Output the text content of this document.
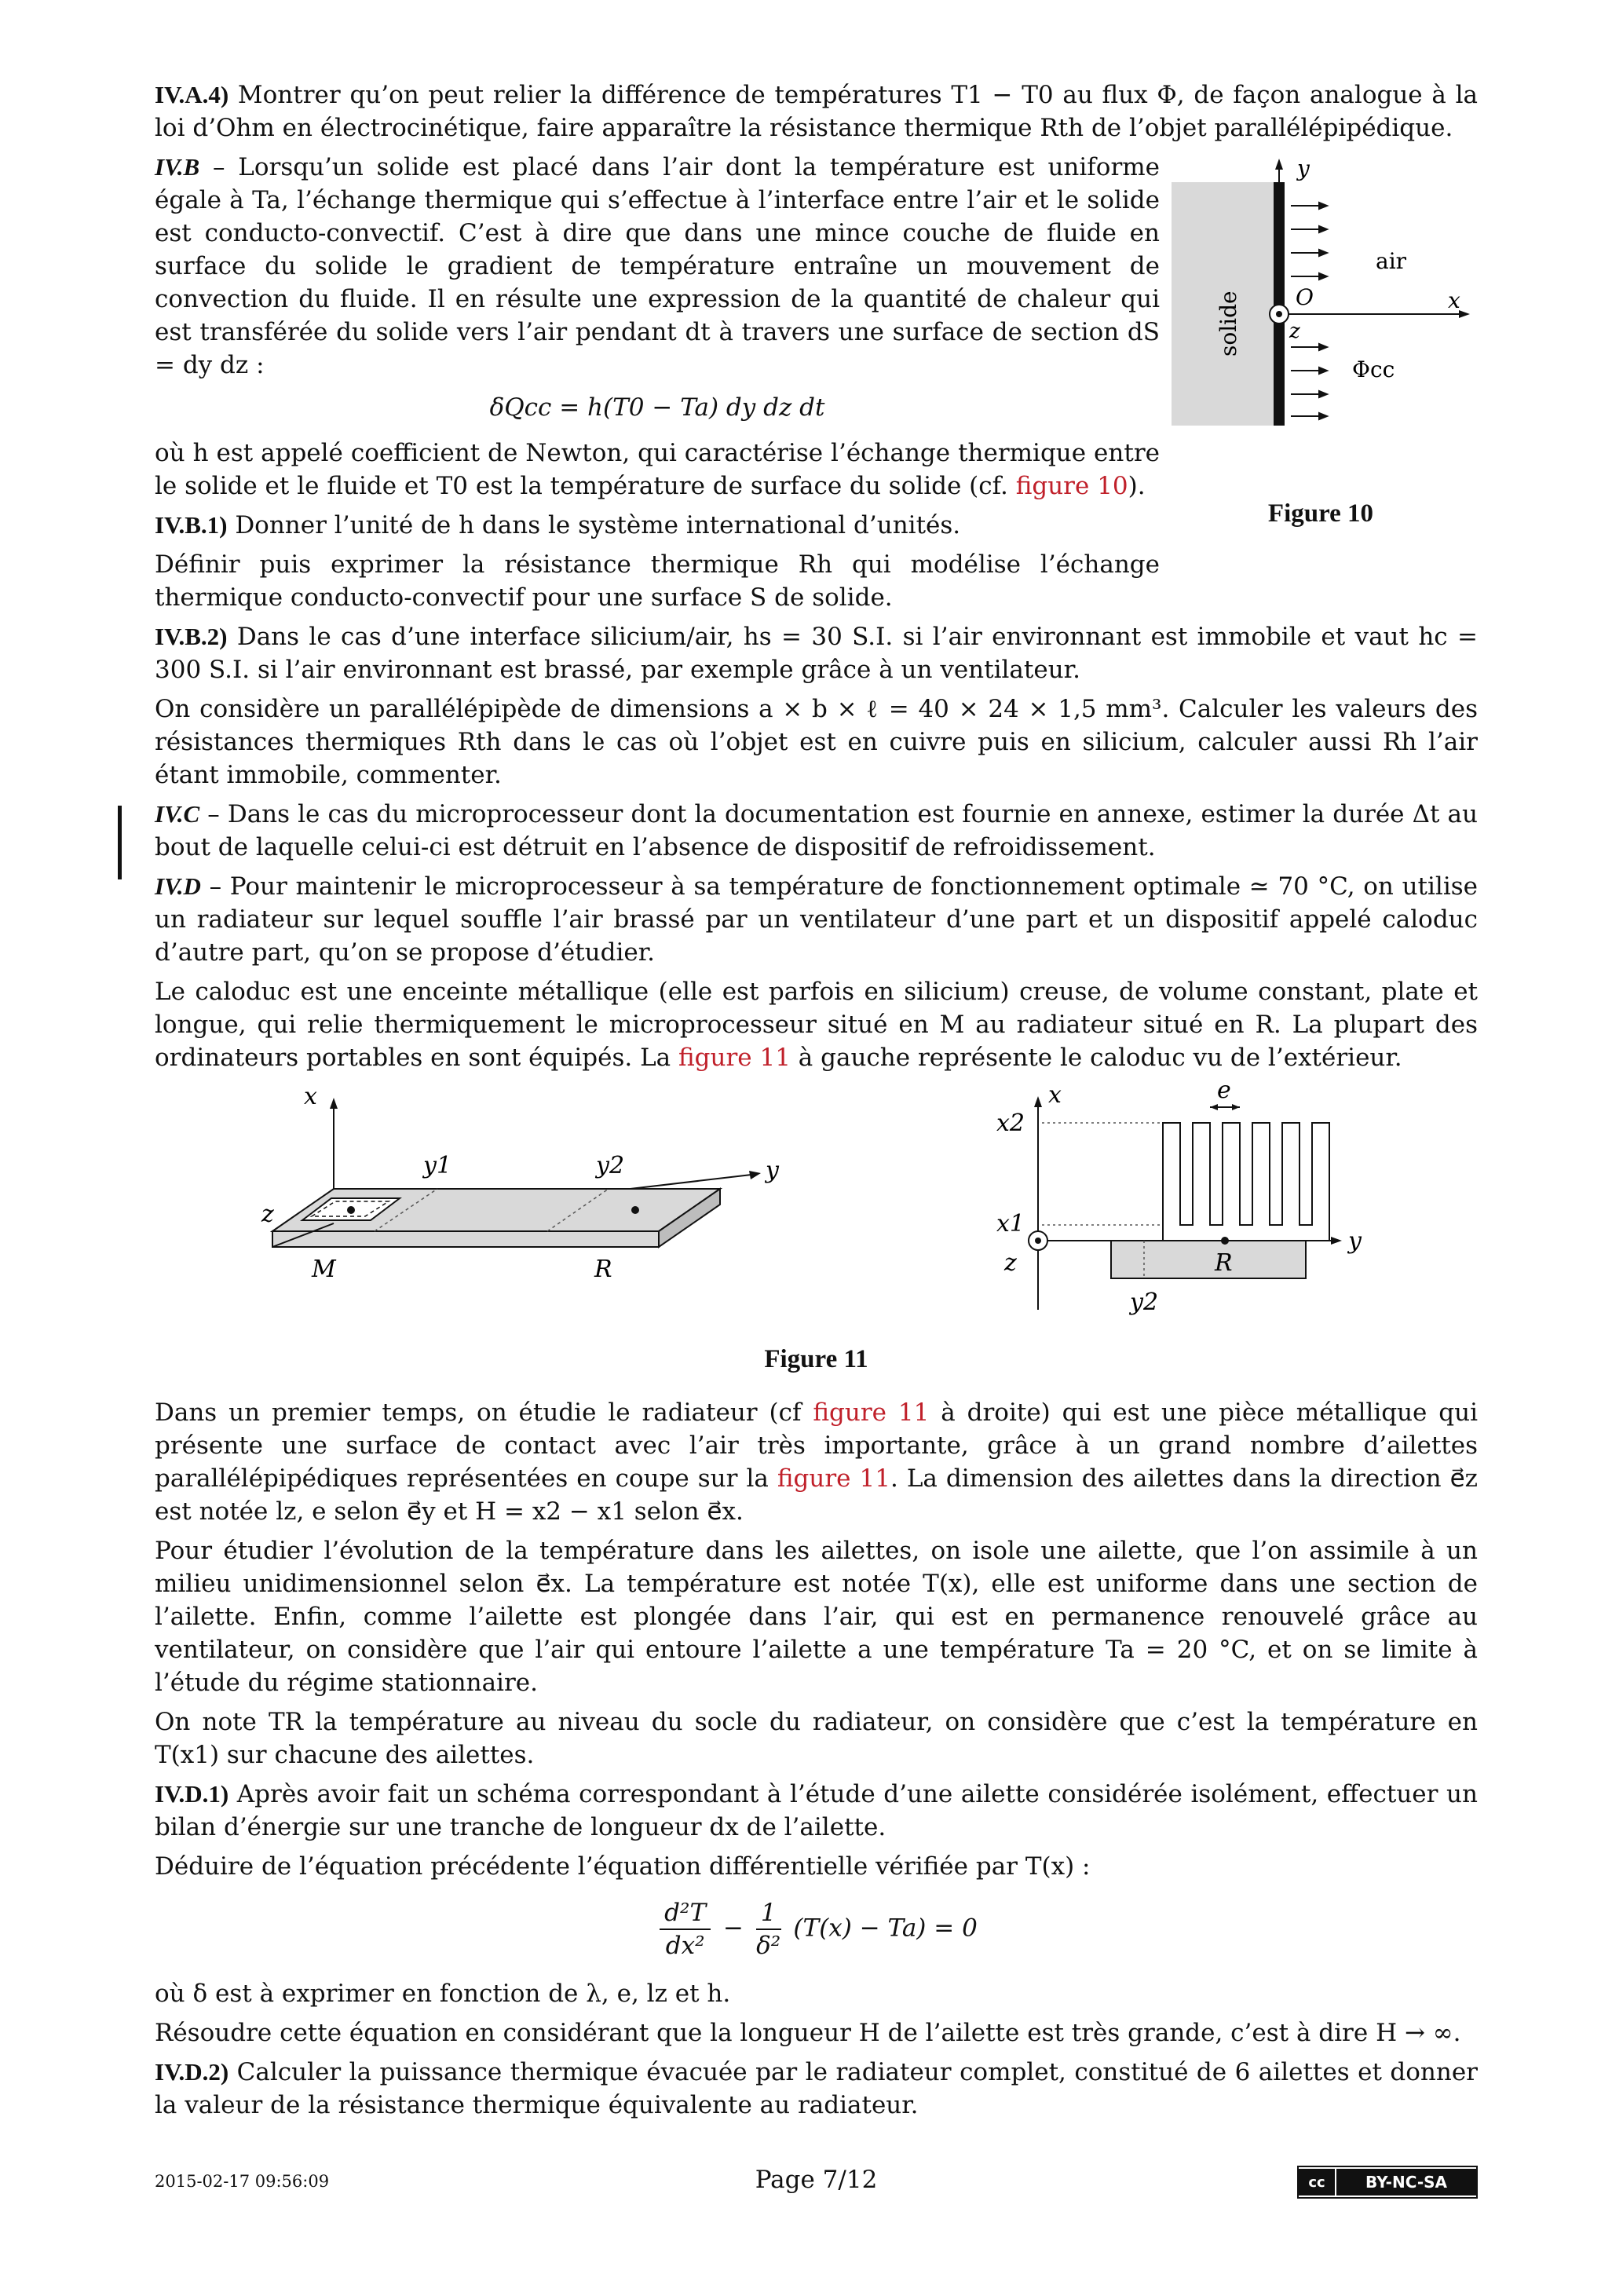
IV.A.4) Montrer qu’on peut relier la différence de températures T1 − T0 au flux Φ, de façon analogue à la loi d’Ohm en électrocinétique, faire apparaître la résistance thermique Rth de l’objet parallélépipédique.

IV.B – Lorsqu’un solide est placé dans l’air dont la température est uniforme égale à Ta, l’échange thermique qui s’effectue à l’interface entre l’air et le solide est conducto-convectif. C’est à dire que dans une mince couche de fluide en surface du solide le gradient de température entraîne un mouvement de convection du fluide. Il en résulte une expression de la quantité de chaleur qui est transférée du solide vers l’air pendant dt à travers une surface de section dS = dy dz :

δQcc = h(T0 − Ta) dy dz dt

où h est appelé coefficient de Newton, qui caractérise l’échange thermique entre le solide et le fluide et T0 est la température de surface du solide (cf. figure 10).

IV.B.1) Donner l’unité de h dans le système international d’unités.

Définir puis exprimer la résistance thermique Rh qui modélise l’échange thermique conducto-convectif pour une surface S de solide.

y
x
O
z
air
Φcc
solide
Figure 10

IV.B.2) Dans le cas d’une interface silicium/air, hs = 30 S.I. si l’air environnant est immobile et vaut hc = 300 S.I. si l’air environnant est brassé, par exemple grâce à un ventilateur.

On considère un parallélépipède de dimensions a × b × ℓ = 40 × 24 × 1,5 mm³. Calculer les valeurs des résistances thermiques Rth dans le cas où l’objet est en cuivre puis en silicium, calculer aussi Rh l’air étant immobile, commenter.

IV.C – Dans le cas du microprocesseur dont la documentation est fournie en annexe, estimer la durée Δt au bout de laquelle celui-ci est détruit en l’absence de dispositif de refroidissement.

IV.D – Pour maintenir le microprocesseur à sa température de fonctionnement optimale ≃ 70 °C, on utilise un radiateur sur lequel souffle l’air brassé par un ventilateur d’une part et un dispositif appelé caloduc d’autre part, qu’on se propose d’étudier.

Le caloduc est une enceinte métallique (elle est parfois en silicium) creuse, de volume constant, plate et longue, qui relie thermiquement le microprocesseur situé en M au radiateur situé en R. La plupart des ordinateurs portables en sont équipés. La figure 11 à gauche représente le caloduc vu de l’extérieur.

x
y
z
y1	y2
M	R
x
y
z
x2
x1
e
R
y2
Figure 11

Dans un premier temps, on étudie le radiateur (cf figure 11 à droite) qui est une pièce métallique qui présente une surface de contact avec l’air très importante, grâce à un grand nombre d’ailettes parallélépipédiques représentées en coupe sur la figure 11. La dimension des ailettes dans la direction e⃗z est notée lz, e selon e⃗y et H = x2 − x1 selon e⃗x.

Pour étudier l’évolution de la température dans les ailettes, on isole une ailette, que l’on assimile à un milieu unidimensionnel selon e⃗x. La température est notée T(x), elle est uniforme dans une section de l’ailette. Enfin, comme l’ailette est plongée dans l’air, qui est en permanence renouvelé grâce au ventilateur, on considère que l’air qui entoure l’ailette a une température Ta = 20 °C, et on se limite à l’étude du régime stationnaire.

On note TR la température au niveau du socle du radiateur, on considère que c’est la température en T(x1) sur chacune des ailettes.

IV.D.1) Après avoir fait un schéma correspondant à l’étude d’une ailette considérée isolément, effectuer un bilan d’énergie sur une tranche de longueur dx de l’ailette.

Déduire de l’équation précédente l’équation différentielle vérifiée par T(x) :

$\frac{\text{d²T}}{\text{dx²}} - \frac{1}{\text{δ²}} (T(x) - Ta) = 0$

où δ est à exprimer en fonction de λ, e, lz et h.

Résoudre cette équation en considérant que la longueur H de l’ailette est très grande, c’est à dire H → ∞.

IV.D.2) Calculer la puissance thermique évacuée par le radiateur complet, constitué de 6 ailettes et donner la valeur de la résistance thermique équivalente au radiateur.

2015-02-17 09:56:09	Page 7/12	cc	BY-NC-SA
